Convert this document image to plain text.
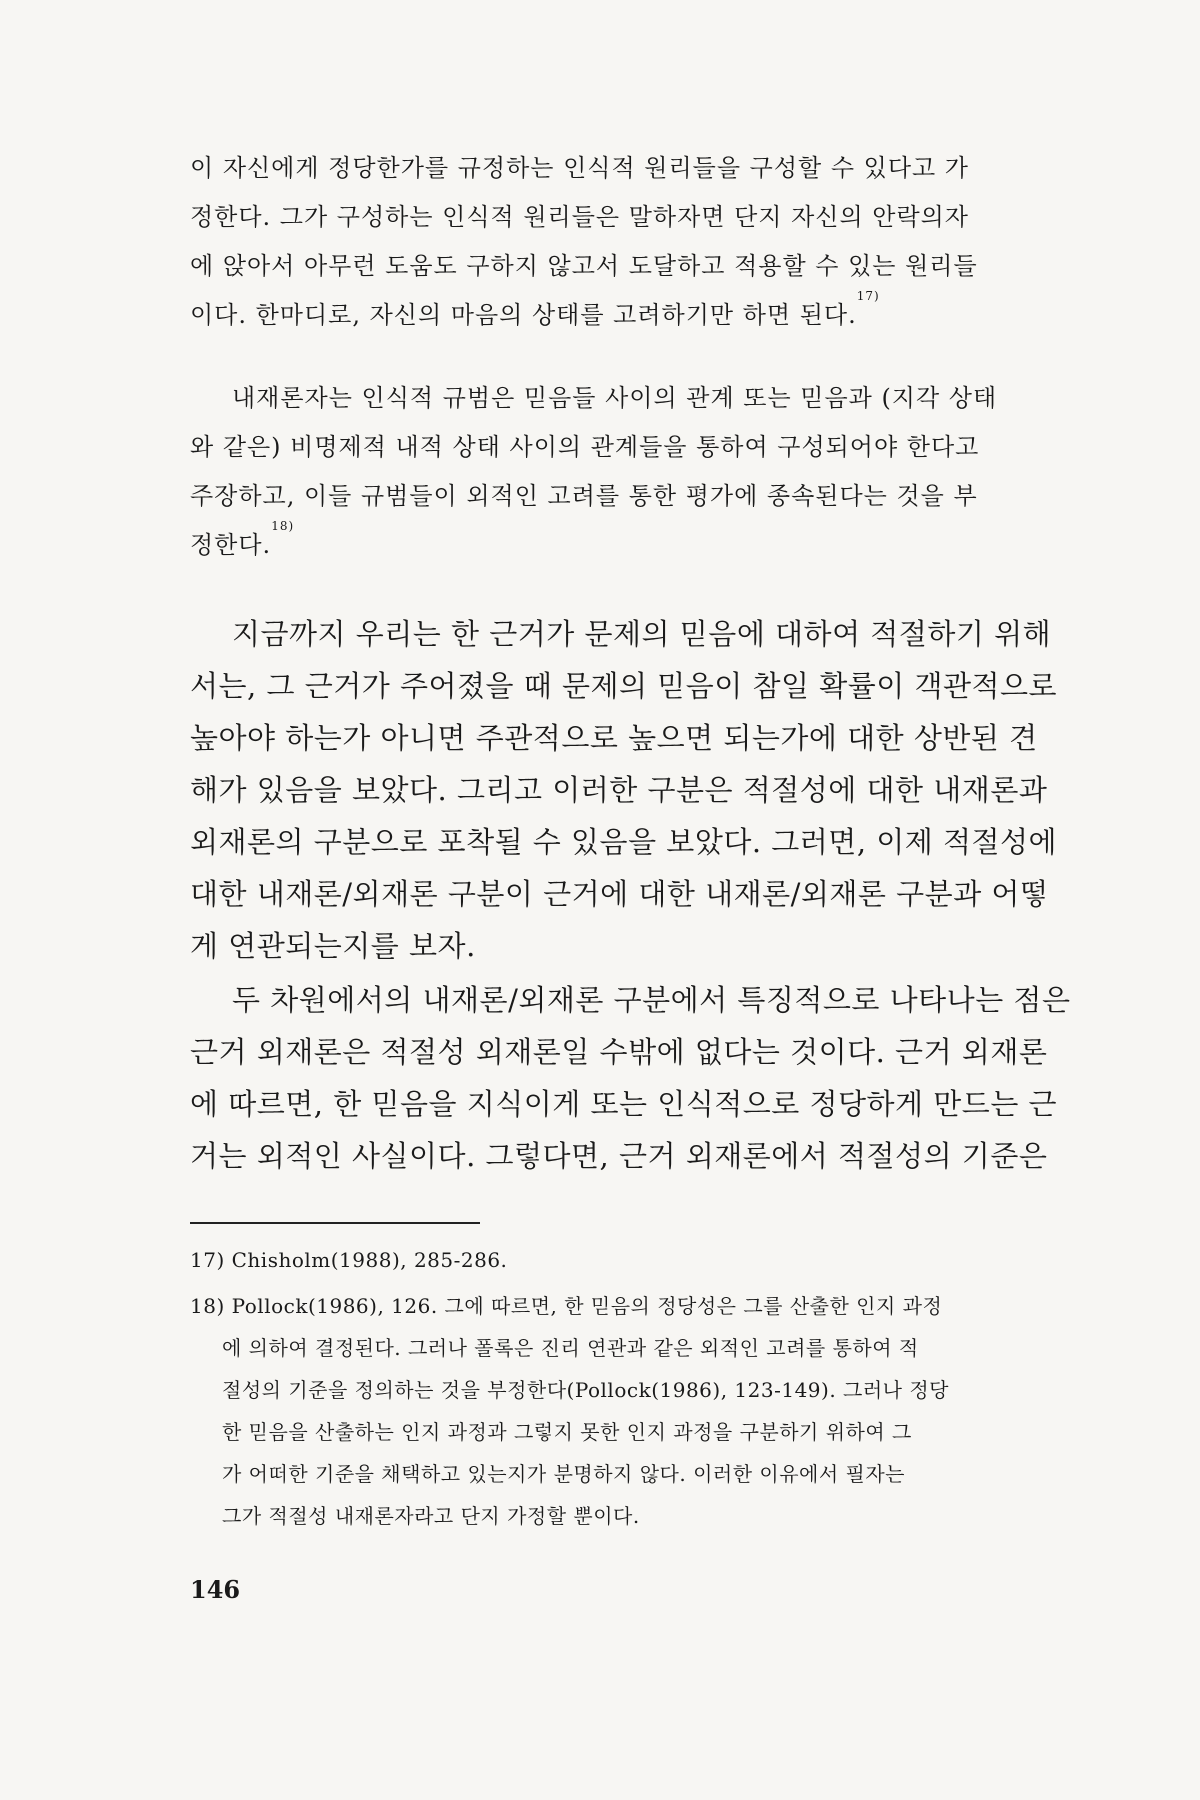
이 자신에게 정당한가를 규정하는 인식적 원리들을 구성할 수 있다고 가
정한다. 그가 구성하는 인식적 원리들은 말하자면 단지 자신의 안락의자
에 앉아서 아무런 도움도 구하지 않고서 도달하고 적용할 수 있는 원리들
이다. 한마디로, 자신의 마음의 상태를 고려하기만 하면 된다.$^{17)}$
내재론자는 인식적 규범은 믿음들 사이의 관계 또는 믿음과 (지각 상태
와 같은) 비명제적 내적 상태 사이의 관계들을 통하여 구성되어야 한다고
주장하고, 이들 규범들이 외적인 고려를 통한 평가에 종속된다는 것을 부
정한다.$^{18)}$
지금까지 우리는 한 근거가 문제의 믿음에 대하여 적절하기 위해
서는, 그 근거가 주어졌을 때 문제의 믿음이 참일 확률이 객관적으로
높아야 하는가 아니면 주관적으로 높으면 되는가에 대한 상반된 견
해가 있음을 보았다. 그리고 이러한 구분은 적절성에 대한 내재론과
외재론의 구분으로 포착될 수 있음을 보았다. 그러면, 이제 적절성에
대한 내재론/외재론 구분이 근거에 대한 내재론/외재론 구분과 어떻
게 연관되는지를 보자.
두 차원에서의 내재론/외재론 구분에서 특징적으로 나타나는 점은
근거 외재론은 적절성 외재론일 수밖에 없다는 것이다. 근거 외재론
에 따르면, 한 믿음을 지식이게 또는 인식적으로 정당하게 만드는 근
거는 외적인 사실이다. 그렇다면, 근거 외재론에서 적절성의 기준은
17) Chisholm(1988), 285-286.
18) Pollock(1986), 126. 그에 따르면, 한 믿음의 정당성은 그를 산출한 인지 과정
에 의하여 결정된다. 그러나 폴록은 진리 연관과 같은 외적인 고려를 통하여 적
절성의 기준을 정의하는 것을 부정한다(Pollock(1986), 123-149). 그러나 정당
한 믿음을 산출하는 인지 과정과 그렇지 못한 인지 과정을 구분하기 위하여 그
가 어떠한 기준을 채택하고 있는지가 분명하지 않다. 이러한 이유에서 필자는
그가 적절성 내재론자라고 단지 가정할 뿐이다.
146
